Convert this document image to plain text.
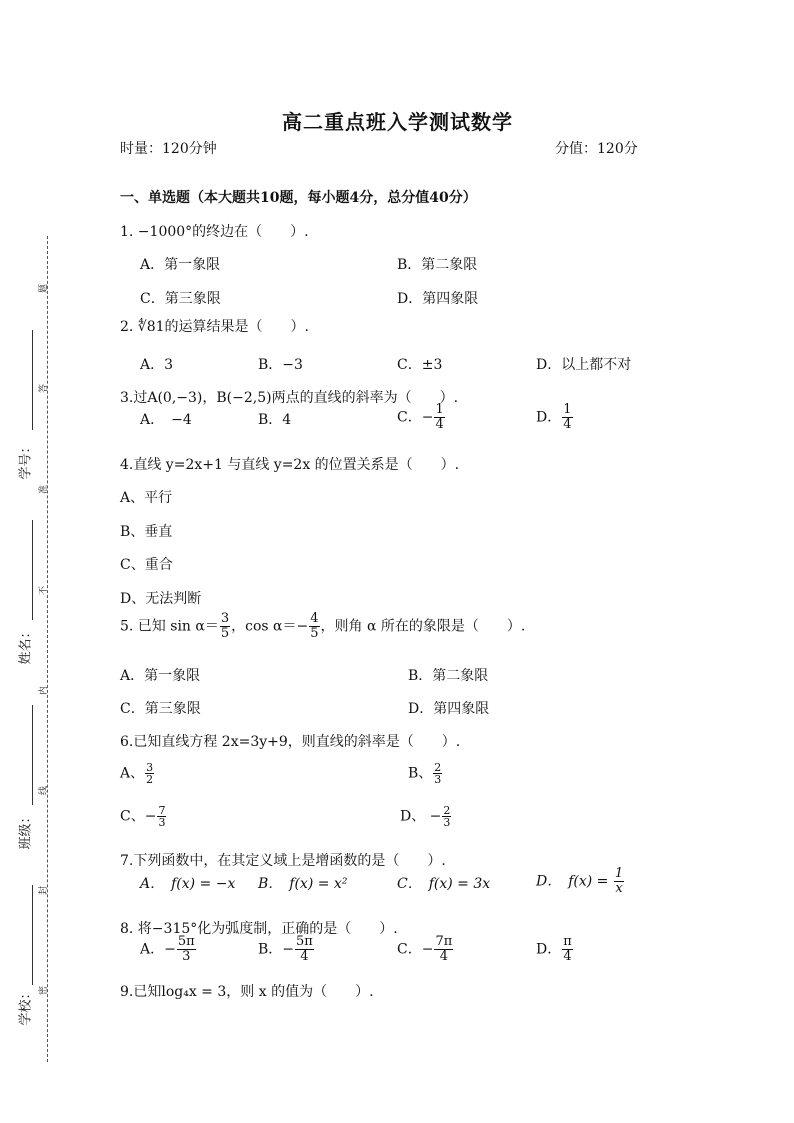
题
答
准
不
内
线
封
密
学号：
姓名：
班级：
学校：
高二重点班入学测试数学
时量：120分钟	分值：120分
一、单选题（本大题共10题，每小题4分，总分值40分）
1. −1000°的终边在（　　）.
A．第一象限	B．第二象限
C．第三象限	D．第四象限
2. ∜81的运算结果是（　　）.
A．3	B．−3	C．±3	D．以上都不对
3.过A(0,−3)，B(−2,5)两点的直线的斜率为（　　）.
A．　−4	B．4	C．− $\frac{1}{4}$	D． $\frac{1}{4}$
4.直线 y=2x+1 与直线 y=2x 的位置关系是（　　）.
A、平行
B、垂直
C、重合
D、无法判断
5. 已知 $\sin \alpha= \frac{3}{5}$ ，$\cos \alpha=- \frac{4}{5}$ ，则角 α 所在的象限是（　　）.
A．第一象限	B．第二象限
C．第三象限	D．第四象限
6.已知直线方程 2x=3y+9，则直线的斜率是（　　）.
A、 $\frac{3}{2}$	B、 $\frac{2}{3}$
C、− $\frac{7}{3}$	D、 − $\frac{2}{3}$
7.下列函数中，在其定义域上是增函数的是（　　）.
A．　f(x) = −x B．　f(x) = x²	C．　f(x) = 3x	D．　$f(x) = \frac{1}{x}$
8. 将−315°化为弧度制，正确的是（　　）.
A．− $\frac{5\pi}{3}$	B．− $\frac{5\pi}{4}$	C．− $\frac{7\pi}{4}$	D． $\frac{\pi}{4}$
9.已知log₄x = 3，则 x 的值为（　　）.
